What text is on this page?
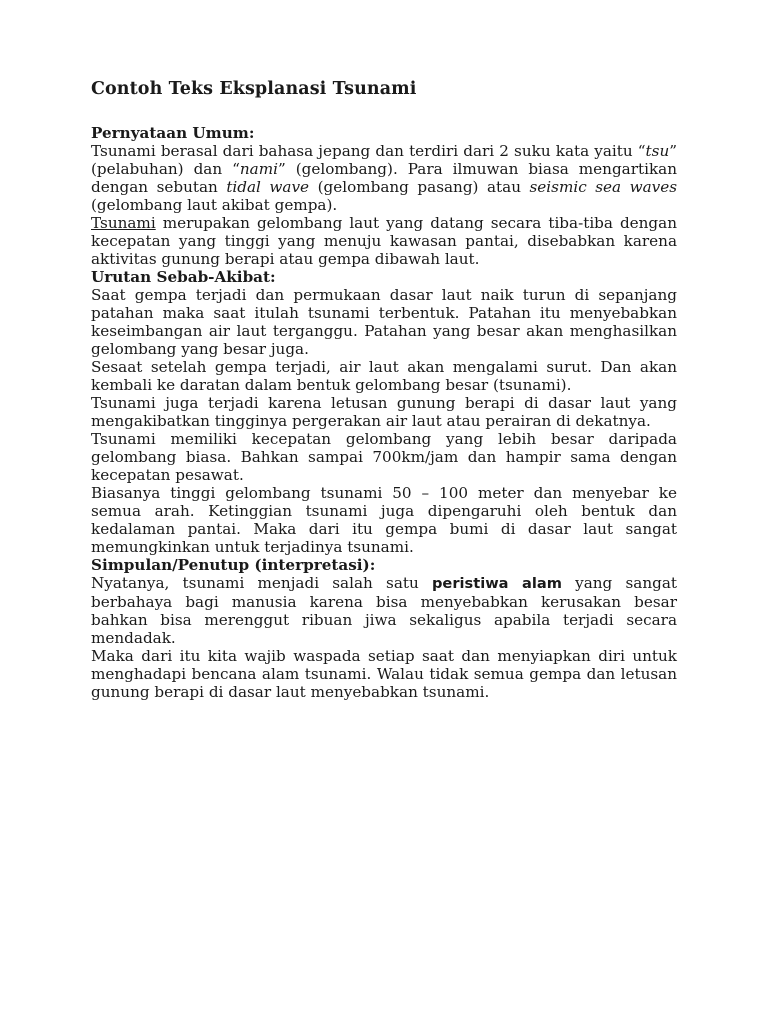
Contoh Teks Eksplanasi Tsunami
Pernyataan Umum:

Tsunami berasal dari bahasa jepang dan terdiri dari 2 suku kata yaitu “tsu” (pelabuhan) dan “nami” (gelombang). Para ilmuwan biasa mengartikan dengan sebutan tidal wave (gelombang pasang) atau seismic sea waves (gelombang laut akibat gempa).

Tsunami merupakan gelombang laut yang datang secara tiba-tiba dengan kecepatan yang tinggi yang menuju kawasan pantai, disebabkan karena aktivitas gunung berapi atau gempa dibawah laut.

Urutan Sebab-Akibat:

Saat gempa terjadi dan permukaan dasar laut naik turun di sepanjang patahan maka saat itulah tsunami terbentuk. Patahan itu menyebabkan keseimbangan air laut terganggu. Patahan yang besar akan menghasilkan gelombang yang besar juga.

Sesaat setelah gempa terjadi, air laut akan mengalami surut. Dan akan kembali ke daratan dalam bentuk gelombang besar (tsunami).

Tsunami juga terjadi karena letusan gunung berapi di dasar laut yang mengakibatkan tingginya pergerakan air laut atau perairan di dekatnya.

Tsunami memiliki kecepatan gelombang yang lebih besar daripada gelombang biasa. Bahkan sampai 700km/jam dan hampir sama dengan kecepatan pesawat.

Biasanya tinggi gelombang tsunami 50 – 100 meter dan menyebar ke semua arah. Ketinggian tsunami juga dipengaruhi oleh bentuk dan kedalaman pantai. Maka dari itu gempa bumi di dasar laut sangat memungkinkan untuk terjadinya tsunami.

Simpulan/Penutup (interpretasi):

Nyatanya, tsunami menjadi salah satu peristiwa alam yang sangat berbahaya bagi manusia karena bisa menyebabkan kerusakan besar bahkan bisa merenggut ribuan jiwa sekaligus apabila terjadi secara mendadak.

Maka dari itu kita wajib waspada setiap saat dan menyiapkan diri untuk menghadapi bencana alam tsunami. Walau tidak semua gempa dan letusan gunung berapi di dasar laut menyebabkan tsunami.
